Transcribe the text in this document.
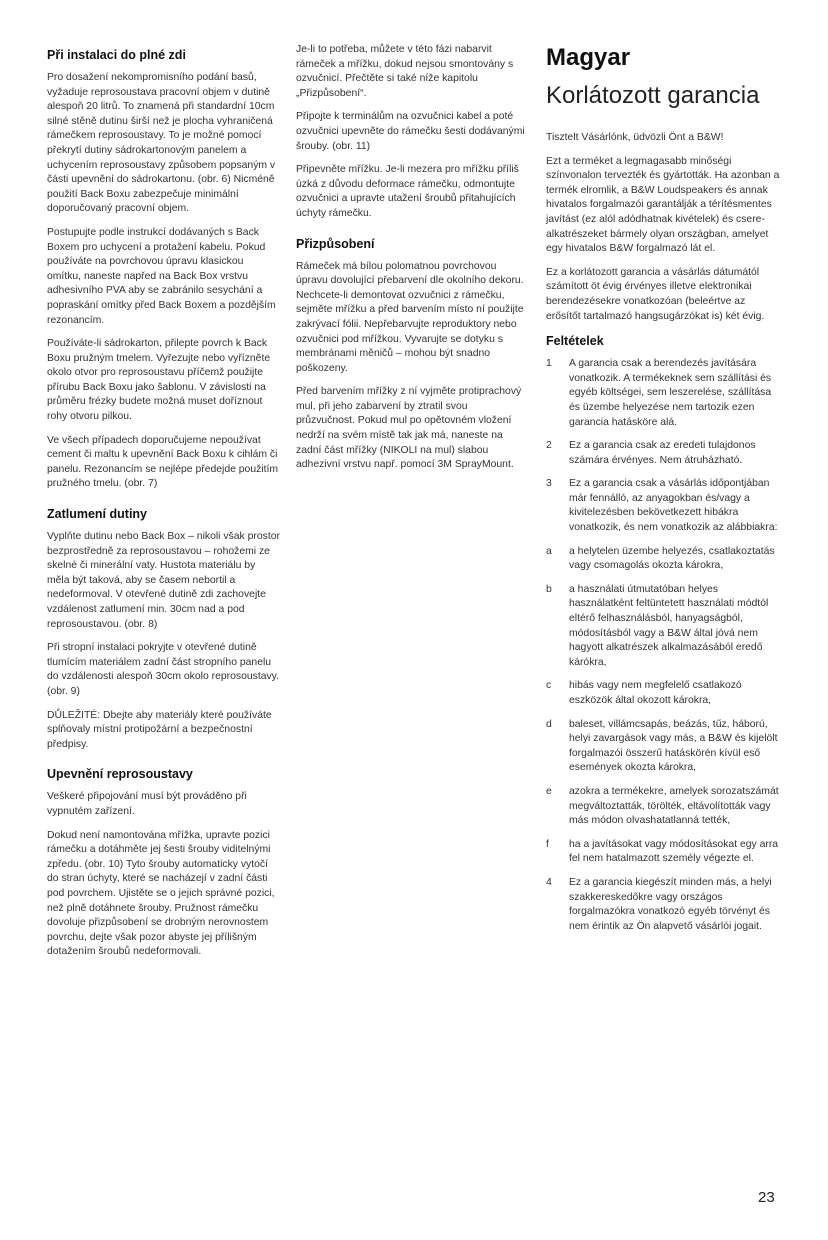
Při instalaci do plné zdi

Pro dosažení nekompromisního podání basů, vyžaduje reprosoustava pracovní objem v dutině alespoň 20 litrů. To znamená při standardní 10cm silné stěně dutinu širší než je plocha vyhraničená rámečkem reprosoustavy. To je možné pomocí překrytí dutiny sádrokartonovým panelem a uchycením reprosoustavy způsobem popsaným v části upevnění do sádrokartonu. (obr. 6) Nicméně použití Back Boxu zabezpečuje minimální doporučovaný pracovní objem.

Postupujte podle instrukcí dodávaných s Back Boxem pro uchycení a protažení kabelu. Pokud používáte na povrchovou úpravu klasickou omítku, naneste napřed na Back Box vrstvu adhesivního PVA aby se zabránilo sesychání a popraskání omítky před Back Boxem a pozdějším rezonancím.

Používáte-li sádrokarton, přilepte povrch k Back Boxu pružným tmelem. Vyřezujte nebo vyřízněte okolo otvor pro reprosoustavu příčemž použijte přírubu Back Boxu jako šablonu. V závislosti na průměru frézky budete možná muset doříznout rohy otvoru pilkou.

Ve všech případech doporučujeme nepoužívat cement či maltu k upevnění Back Boxu k cihlám či panelu. Rezonancím se nejlépe předejde použitím pružného tmelu. (obr. 7)

Zatlumení dutiny

Vyplňte dutinu nebo Back Box – nikoli však prostor bezprostředně za reprosoustavou – rohožemi ze skelné či minerální vaty. Hustota materiálu by měla být taková, aby se časem nebortil a nedeformoval. V otevřené dutině zdi zachovejte vzdálenost zatlumení min. 30cm nad a pod reprosoustavou. (obr. 8)

Při stropní instalaci pokryjte v otevřené dutině tlumícím materiálem zadní část stropního panelu do vzdálenosti alespoň 30cm okolo reprosoustavy. (obr. 9)

DŮLEŽITÉ: Dbejte aby materiály které používáte splňovaly místní protipožární a bezpečnostní předpisy.

Upevnění reprosoustavy

Veškeré připojování musí být prováděno při vypnutém zařízení.

Dokud není namontována mřížka, upravte pozici rámečku a dotáhměte jej šesti šrouby viditelnými zpředu. (obr. 10) Tyto šrouby automaticky vytočí do stran úchyty, které se nacházejí v zadní části pod povrchem. Ujistěte se o jejich správné pozici, než plně dotáhnete šrouby. Pružnost rámečku dovoluje přizpůsobení se drobným nerovnostem povrchu, dejte však pozor abyste jej přílišným dotažením šroubů nedeformovali.

Je-li to potřeba, můžete v této fázi nabarvit rámeček a mřížku, dokud nejsou smontovány s ozvučnicí. Přečtěte si také níže kapitolu „Přizpůsobení“.

Připojte k terminálům na ozvučnici kabel a poté ozvučnici upevněte do rámečku šesti dodávanými šrouby. (obr. 11)

Připevněte mřížku. Je-li mezera pro mřížku příliš úzká z důvodu deformace rámečku, odmontujte ozvučnici a upravte utažení šroubů přitahujících úchyty rámečku.

Přizpůsobení

Rámeček má bílou polomatnou povrchovou úpravu dovolující přebarvení dle okolního dekoru. Nechcete-li demontovat ozvučnici z rámečku, sejměte mřížku a před barvením místo ní použijte zakrývací fólii. Nepřebarvujte reproduktory nebo ozvučnici pod mřížkou. Vyvarujte se dotyku s membránami měničů – mohou být snadno poškozeny.

Před barvením mřížky z ní vyjměte protiprachový mul, při jeho zabarvení by ztratil svou průzvučnost. Pokud mul po opětovném vložení nedrží na svém místě tak jak má, naneste na zadní část mřížky (NIKOLI na mul) slabou adhezivní vrstvu např. pomocí 3M SprayMount.

Magyar
Korlátozott garancia

Tisztelt Vásárlónk, üdvözli Önt a B&W!

Ezt a terméket a legmagasabb minőségi színvonalon tervezték és gyártották. Ha azonban a termék elromlik, a B&W Loudspeakers és annak hivatalos forgalmazói garantálják a térítésmentes javítást (ez alól adódhatnak kivételek) és cserealkatrészeket bármely olyan országban, amelyet egy hivatalos B&W forgalmazó lát el.

Ez a korlátozott garancia a vásárlás dátumától számított öt évig érvényes illetve elektronikai berendezésekre vonatkozóan (beleértve az erősítőt tartalmazó hangsugárzókat is) két évig.

Feltételek
1	A garancia csak a berendezés javítására vonatkozik. A termékeknek sem szállítási és egyéb költségei, sem leszerelése, szállítása és üzembe helyezése nem tartozik ezen garancia hatásköre alá.
2	Ez a garancia csak az eredeti tulajdonos számára érvényes. Nem átruházható.
3	Ez a garancia csak a vásárlás időpontjában már fennálló, az anyagokban és/vagy a kivitelezésben bekövetkezett hibákra vonatkozik, és nem vonatkozik az alábbiakra:
a	a helytelen üzembe helyezés, csatlakoztatás vagy csomagolás okozta károkra,
b	a használati útmutatóban helyes használatként feltüntetett használati módtól eltérő felhasználásból, hanyagságból, módosításból vagy a B&W által jóvá nem hagyott alkatrészek alkalmazásából eredő kárókra,
c	hibás vagy nem megfelelő csatlakozó eszközök által okozott károkra,
d	baleset, villámcsapás, beázás, tűz, háború, helyi zavargások vagy más, a B&W és kijelölt forgalmazói összerű hatáskörén kívül eső események okozta károkra,
e	azokra a termékekre, amelyek sorozatszámát megváltoztatták, törölték, eltávolították vagy más módon olvashatatlanná tették,
f	ha a javításokat vagy módosításokat egy arra fel nem hatalmazott személy végezte el.
4	Ez a garancia kiegészít minden más, a helyi szakkereskedőkre vagy országos forgalmazókra vonatkozó egyéb törvényt és nem érintik az Ön alapvető vásárlói jogait.
23
